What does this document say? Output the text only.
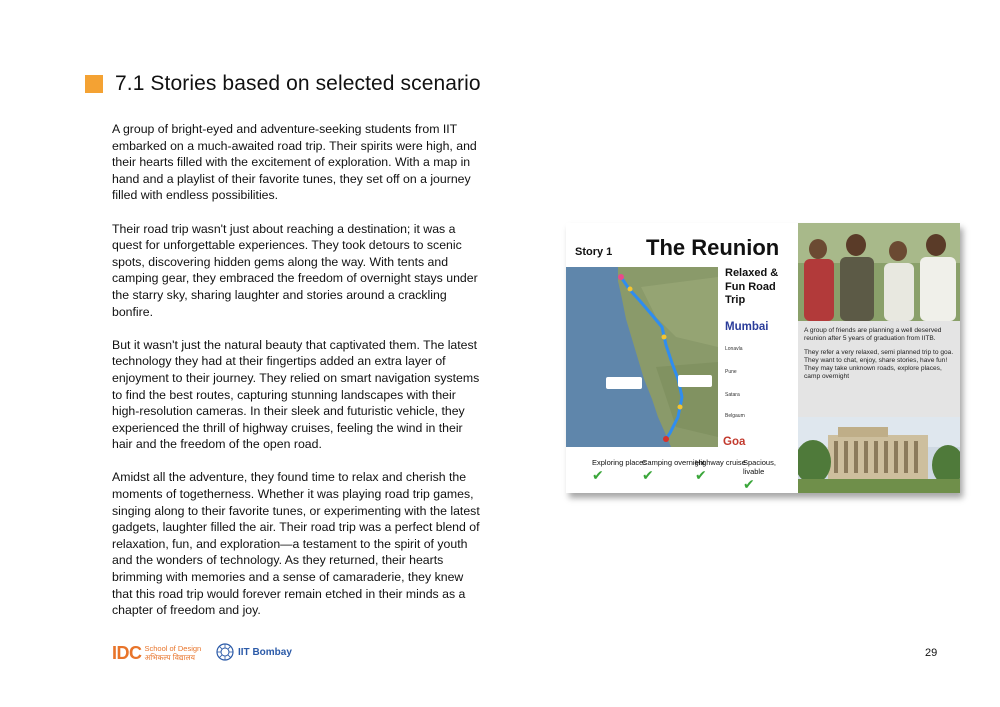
7.1 Stories based on selected scenario

A group of bright-eyed and adventure-seeking students from IIT embarked on a much-awaited road trip. Their spirits were high, and their hearts filled with the excitement of exploration. With a map in hand and a playlist of their favorite tunes, they set off on a journey filled with endless possibilities.

Their road trip wasn't just about reaching a destination; it was a quest for unforgettable experiences. They took detours to scenic spots, discovering hidden gems along the way. With tents and camping gear, they embraced the freedom of overnight stays under the starry sky, sharing laughter and stories around a crackling bonfire.

But it wasn't just the natural beauty that captivated them. The latest technology they had at their fingertips added an extra layer of enjoyment to their journey. They relied on smart navigation systems to find the best routes, capturing stunning landscapes with their high-resolution cameras. In their sleek and futuristic vehicle, they experienced the thrill of highway cruises, feeling the wind in their hair and the freedom of the open road.

Amidst all the adventure, they found time to relax and cherish the moments of togetherness. Whether it was playing road trip games, singing along to their favorite tunes, or experimenting with the latest gadgets, laughter filled the air. Their road trip was a perfect blend of relaxation, fun, and exploration—a testament to the spirit of youth and the wonders of technology. As they returned, their hearts brimming with memories and a sense of camaraderie, they knew that this road trip would forever remain etched in their minds as a chapter of freedom and joy.

Story 1 The Reunion
Relaxed & Fun Road Trip
Mumbai
Lonavla
Pune
Satara
Belgaum
Goa

A group of friends are planning a well deserved reunion after 5 years of graduation from IITB.

They refer a very relaxed, semi planned trip to goa. They want to chat, enjoy, share stories, have fun! They may take unknown roads, explore places, camp overnight

Exploring places
✔
Camping overnight
✔
Highway cruise
✔
Spacious, livable
✔
IDC School of Design
अभिकल्प विद्यालय	IIT Bombay	29
